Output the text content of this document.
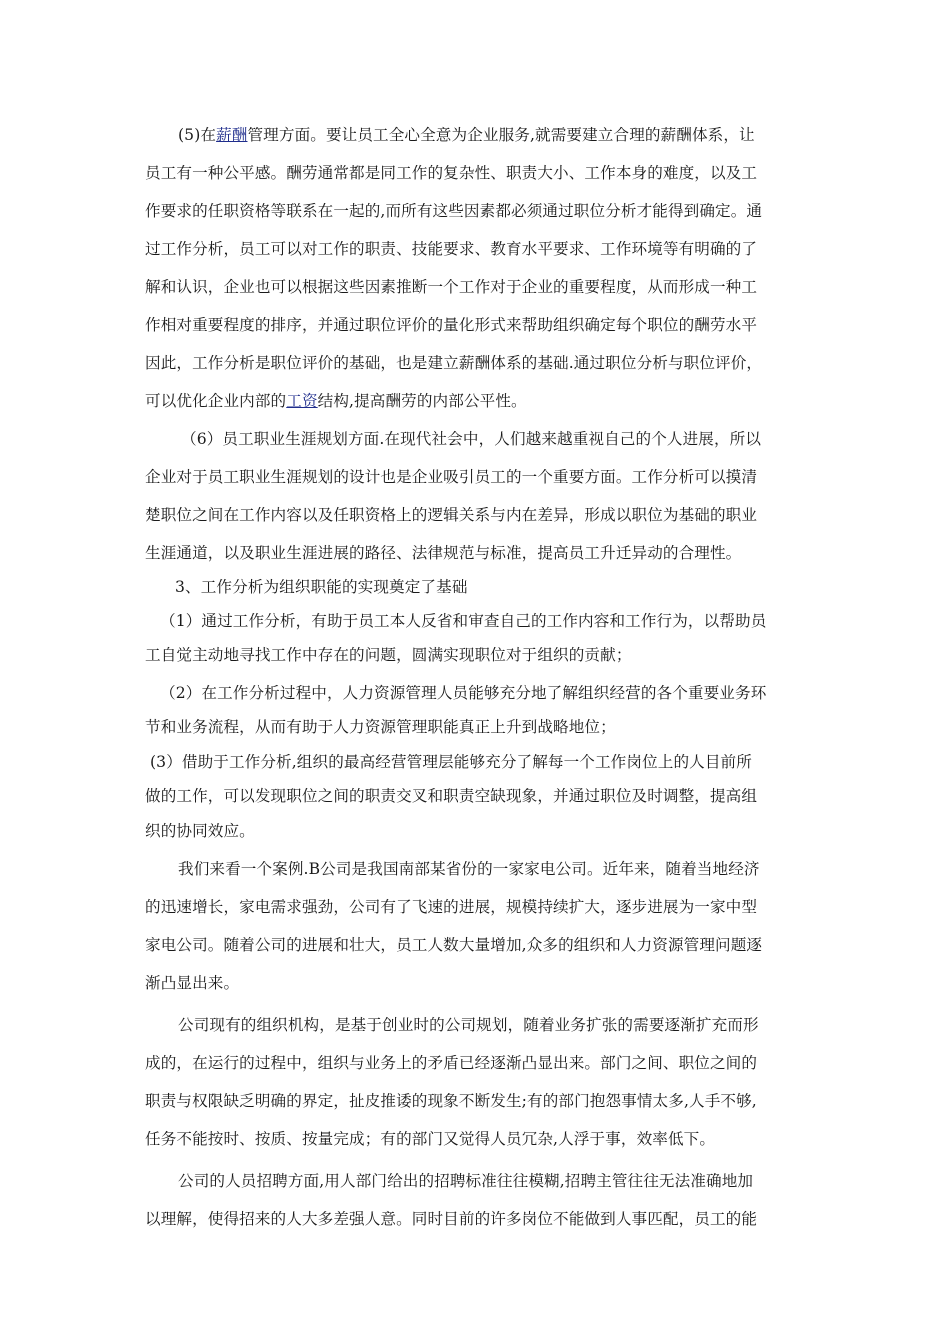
(5)在薪酬管理方面。要让员工全心全意为企业服务,就需要建立合理的薪酬体系，让
员工有一种公平感。酬劳通常都是同工作的复杂性、职责大小、工作本身的难度，以及工
作要求的任职资格等联系在一起的,而所有这些因素都必须通过职位分析才能得到确定。通
过工作分析，员工可以对工作的职责、技能要求、教育水平要求、工作环境等有明确的了
解和认识，企业也可以根据这些因素推断一个工作对于企业的重要程度，从而形成一种工
作相对重要程度的排序，并通过职位评价的量化形式来帮助组织确定每个职位的酬劳水平
因此，工作分析是职位评价的基础，也是建立薪酬体系的基础.通过职位分析与职位评价，
可以优化企业内部的工资结构,提高酬劳的内部公平性。
（6）员工职业生涯规划方面.在现代社会中，人们越来越重视自己的个人进展，所以
企业对于员工职业生涯规划的设计也是企业吸引员工的一个重要方面。工作分析可以摸清
楚职位之间在工作内容以及任职资格上的逻辑关系与内在差异，形成以职位为基础的职业
生涯通道，以及职业生涯进展的路径、法律规范与标准，提高员工升迁异动的合理性。
3、工作分析为组织职能的实现奠定了基础
（1）通过工作分析，有助于员工本人反省和审查自己的工作内容和工作行为，以帮助员
工自觉主动地寻找工作中存在的问题，圆满实现职位对于组织的贡献；
（2）在工作分析过程中，人力资源管理人员能够充分地了解组织经营的各个重要业务环
节和业务流程，从而有助于人力资源管理职能真正上升到战略地位；
(3）借助于工作分析,组织的最高经营管理层能够充分了解每一个工作岗位上的人目前所
做的工作，可以发现职位之间的职责交叉和职责空缺现象，并通过职位及时调整，提高组
织的协同效应。
我们来看一个案例.B公司是我国南部某省份的一家家电公司。近年来，随着当地经济
的迅速增长，家电需求强劲，公司有了飞速的进展，规模持续扩大，逐步进展为一家中型
家电公司。随着公司的进展和壮大，员工人数大量增加,众多的组织和人力资源管理问题逐
渐凸显出来。
公司现有的组织机构，是基于创业时的公司规划，随着业务扩张的需要逐渐扩充而形
成的，在运行的过程中，组织与业务上的矛盾已经逐渐凸显出来。部门之间、职位之间的
职责与权限缺乏明确的界定，扯皮推诿的现象不断发生;有的部门抱怨事情太多,人手不够,
任务不能按时、按质、按量完成；有的部门又觉得人员冗杂,人浮于事，效率低下。
公司的人员招聘方面,用人部门给出的招聘标准往往模糊,招聘主管往往无法准确地加
以理解，使得招来的人大多差强人意。同时目前的许多岗位不能做到人事匹配，员工的能
